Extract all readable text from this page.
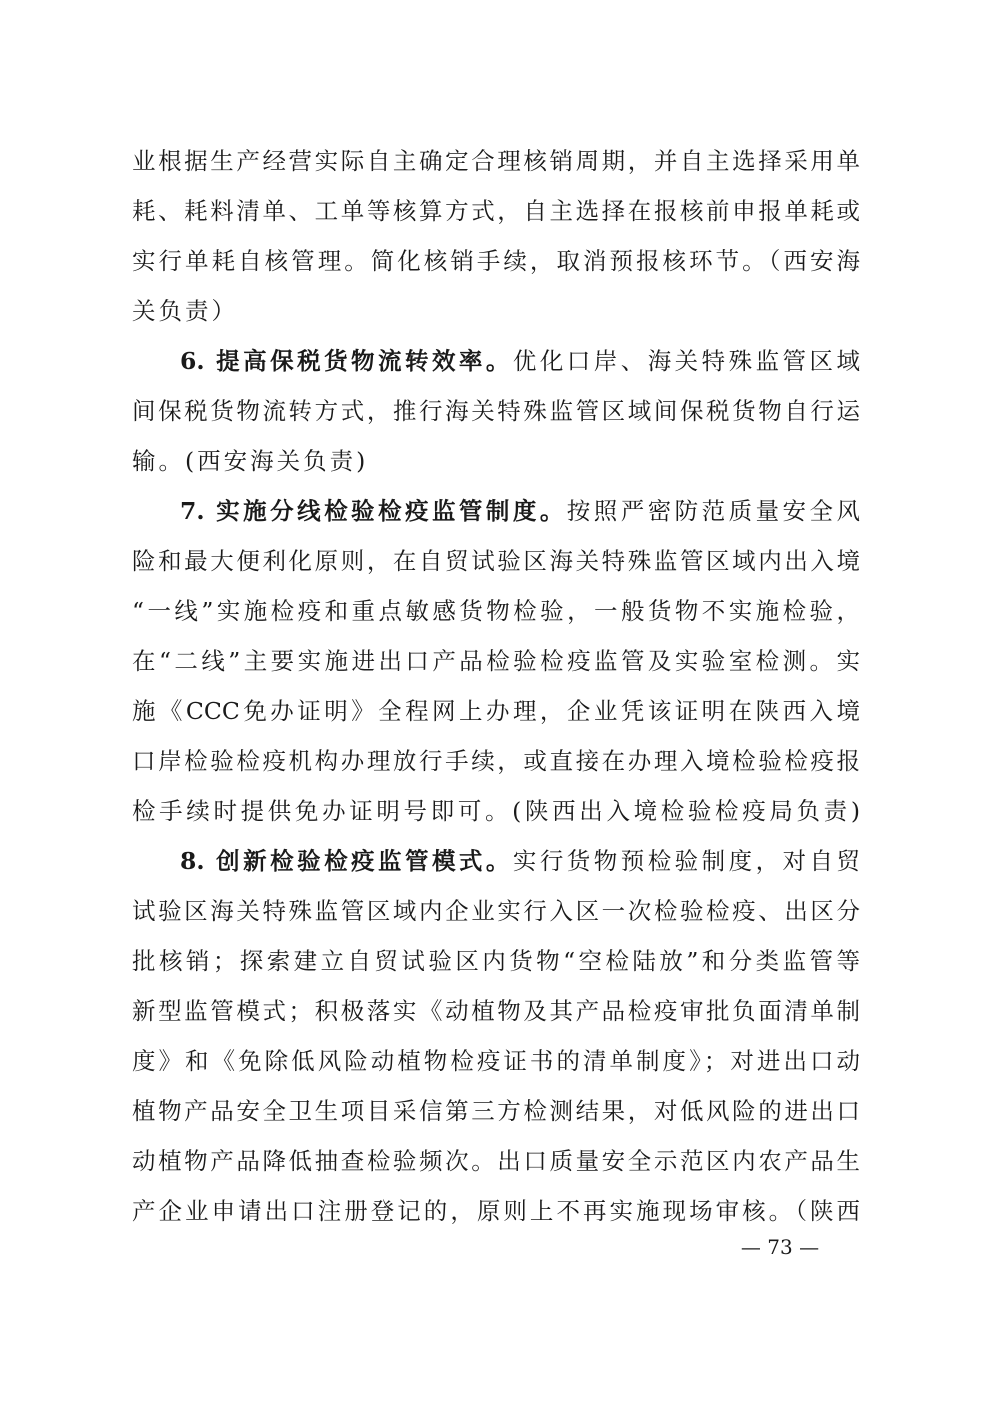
业根据生产经营实际自主确定合理核销周期，并自主选择采用单
耗、耗料清单、工单等核算方式，自主选择在报核前申报单耗或
实行单耗自核管理。简化核销手续，取消预报核环节。（西安海
关负责）
6. 提高保税货物流转效率。优化口岸、海关特殊监管区域
间保税货物流转方式，推行海关特殊监管区域间保税货物自行运
输。(西安海关负责)
7. 实施分线检验检疫监管制度。按照严密防范质量安全风
险和最大便利化原则，在自贸试验区海关特殊监管区域内出入境
“一线”实施检疫和重点敏感货物检验，一般货物不实施检验，
在“二线”主要实施进出口产品检验检疫监管及实验室检测。实
施《CCC免办证明》全程网上办理，企业凭该证明在陕西入境
口岸检验检疫机构办理放行手续，或直接在办理入境检验检疫报
检手续时提供免办证明号即可。(陕西出入境检验检疫局负责)
8. 创新检验检疫监管模式。实行货物预检验制度，对自贸
试验区海关特殊监管区域内企业实行入区一次检验检疫、出区分
批核销；探索建立自贸试验区内货物“空检陆放”和分类监管等
新型监管模式；积极落实《动植物及其产品检疫审批负面清单制
度》和《免除低风险动植物检疫证书的清单制度》；对进出口动
植物产品安全卫生项目采信第三方检测结果，对低风险的进出口
动植物产品降低抽查检验频次。出口质量安全示范区内农产品生
产企业申请出口注册登记的，原则上不再实施现场审核。（陕西
— 73 —
